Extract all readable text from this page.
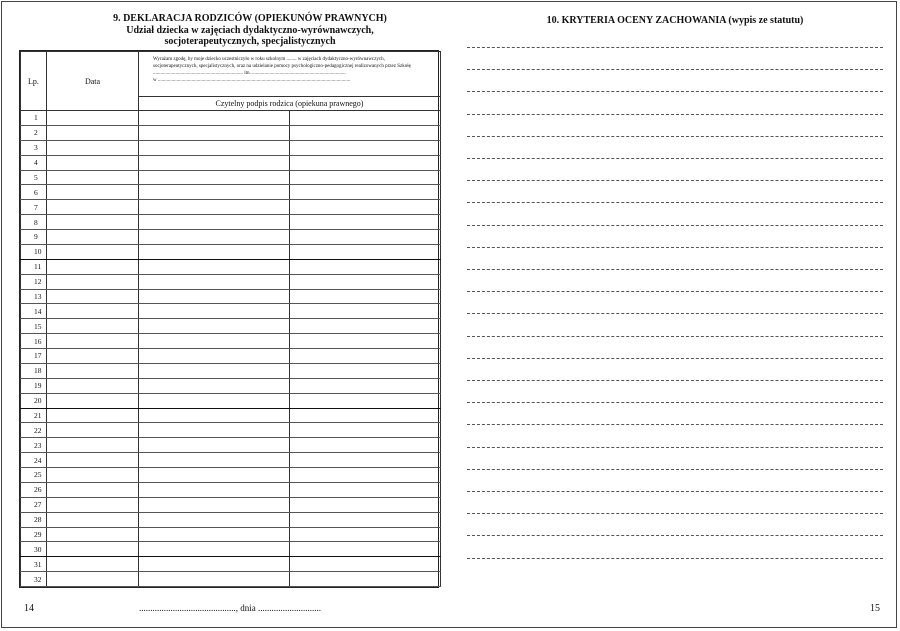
9. DEKLARACJA RODZICÓW (OPIEKUNÓW PRAWNYCH)
Udział dziecka w zajęciach dydaktyczno-wyrównawczych,
socjoterapeutycznych, specjalistycznych
Lp.	Data	Wyrażam zgodę, by moje dziecko uczestniczyło w roku szkolnym ........ w zajęciach dydaktyczno-wyrównawczych,
socjoterapeutycznych, specjalistycznych, oraz na udzielanie pomocy psychologiczno-pedagogicznej realizowanych przez Szkołę
........................................................................ itn. ...........................................................................
w ..........................................................................................................................................................	

		Czytelny podpis rodzica (opiekuna prawnego)	
1			
2			
3			
4			
5			
6			
7			
8			
9			
10			
11			
12			
13			
14			
15			
16			
17			
18			
19			
20			
21			
22			
23			
24			
25			
26			
27			
28			
29			
30			
31			
32			
14	..........................................., dnia ............................
10. KRYTERIA OCENY ZACHOWANIA (wypis ze statutu)
15
